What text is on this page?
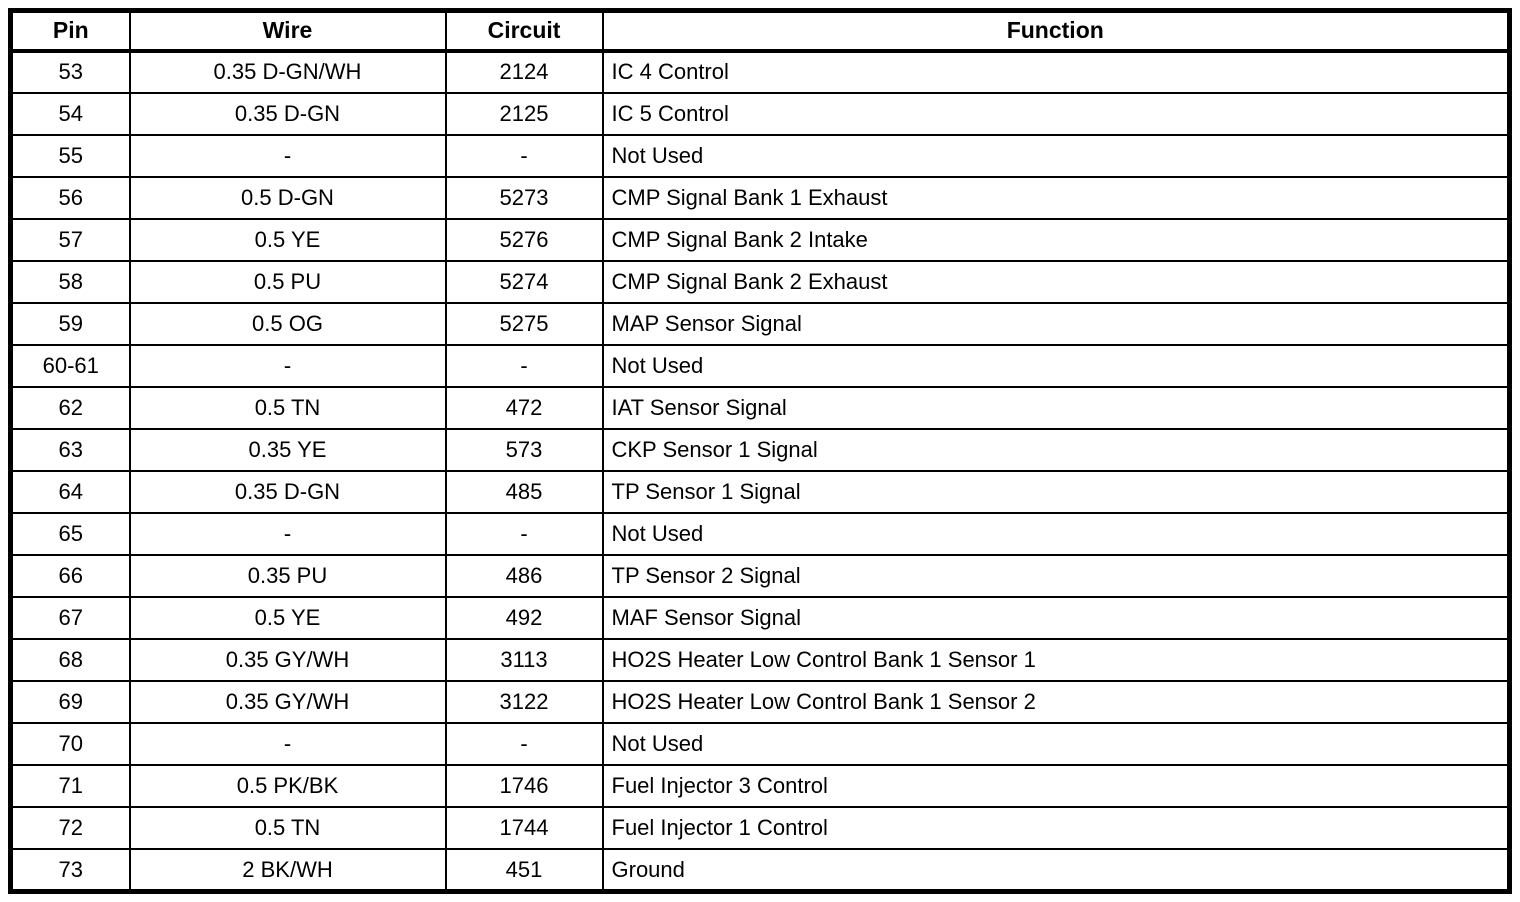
Pin	Wire	Circuit	Function
53	0.35 D-GN/WH	2124	IC 4 Control
54	0.35 D-GN	2125	IC 5 Control
55	-	-	Not Used
56	0.5 D-GN	5273	CMP Signal Bank 1 Exhaust
57	0.5 YE	5276	CMP Signal Bank 2 Intake
58	0.5 PU	5274	CMP Signal Bank 2 Exhaust
59	0.5 OG	5275	MAP Sensor Signal
60-61	-	-	Not Used
62	0.5 TN	472	IAT Sensor Signal
63	0.35 YE	573	CKP Sensor 1 Signal
64	0.35 D-GN	485	TP Sensor 1 Signal
65	-	-	Not Used
66	0.35 PU	486	TP Sensor 2 Signal
67	0.5 YE	492	MAF Sensor Signal
68	0.35 GY/WH	3113	HO2S Heater Low Control Bank 1 Sensor 1
69	0.35 GY/WH	3122	HO2S Heater Low Control Bank 1 Sensor 2
70	-	-	Not Used
71	0.5 PK/BK	1746	Fuel Injector 3 Control
72	0.5 TN	1744	Fuel Injector 1 Control
73	2 BK/WH	451	Ground
